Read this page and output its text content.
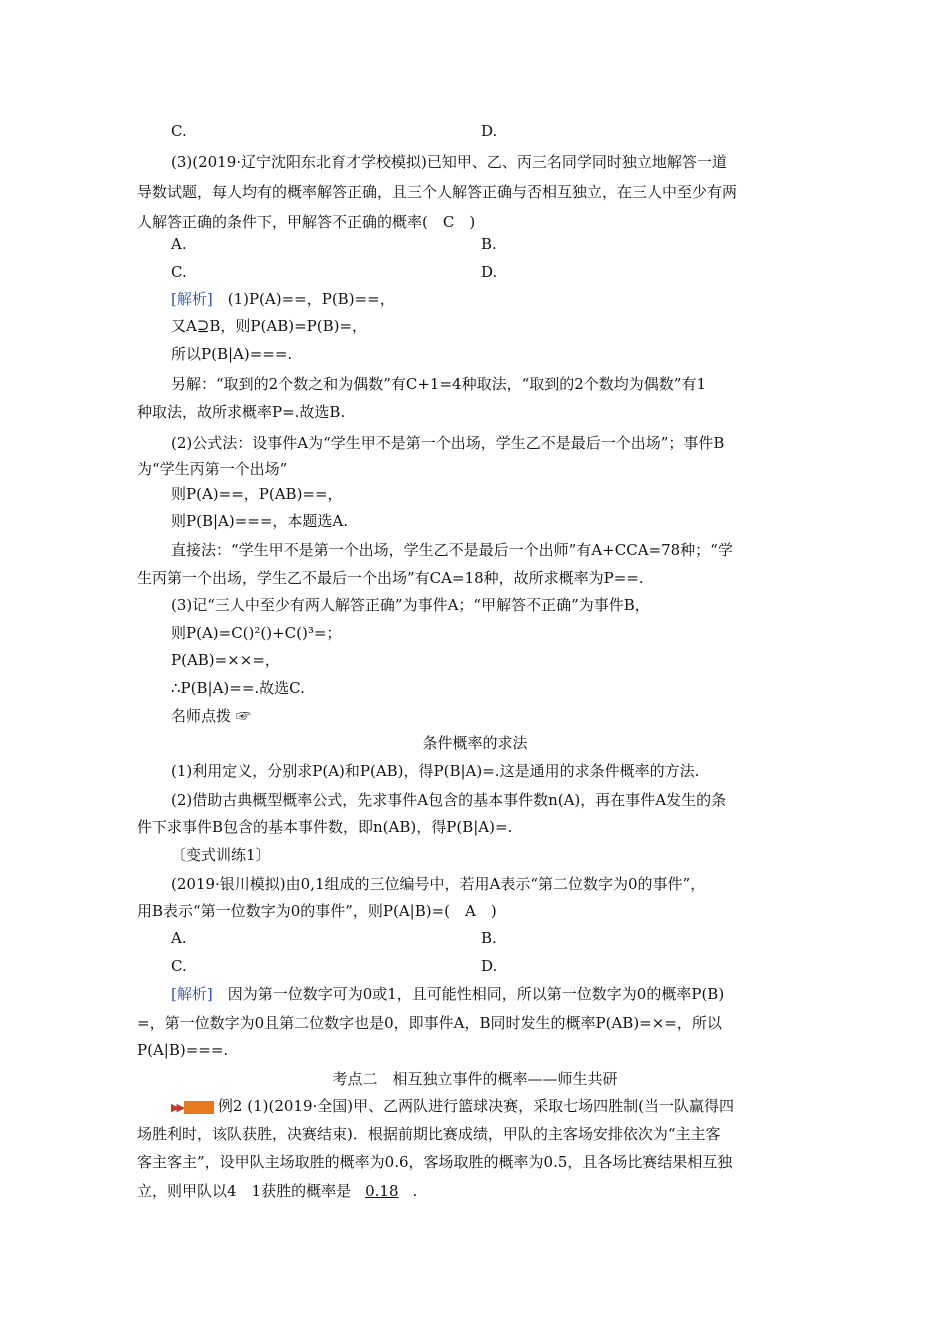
C.	D.
(3)(2019·辽宁沈阳东北育才学校模拟)已知甲、乙、丙三名同学同时独立地解答一道
导数试题，每人均有的概率解答正确，且三个人解答正确与否相互独立，在三人中至少有两
人解答正确的条件下，甲解答不正确的概率(　C　)
A.	B.
C.	D.
[解析]　(1)P(A)==，P(B)==，
又A⊇B，则P(AB)=P(B)=，
所以P(B|A)===.
另解：“取到的2个数之和为偶数”有C+1=4种取法，“取到的2个数均为偶数”有1
种取法，故所求概率P=.故选B.
(2)公式法：设事件A为“学生甲不是第一个出场，学生乙不是最后一个出场”；事件B
为“学生丙第一个出场”
则P(A)==，P(AB)==，
则P(B|A)===，本题选A.
直接法：“学生甲不是第一个出场，学生乙不是最后一个出师”有A+CCA=78种；“学
生丙第一个出场，学生乙不最后一个出场”有CA=18种，故所求概率为P==.
(3)记“三人中至少有两人解答正确”为事件A；“甲解答不正确”为事件B，
则P(A)=C()²()+C()³=；
P(AB)=××=，
∴P(B|A)==.故选C.
名师点拨 ☞
条件概率的求法
(1)利用定义，分别求P(A)和P(AB)，得P(B|A)=.这是通用的求条件概率的方法.
(2)借助古典概型概率公式，先求事件A包含的基本事件数n(A)，再在事件A发生的条
件下求事件B包含的基本事件数，即n(AB)，得P(B|A)=.
〔变式训练1〕
(2019·银川模拟)由0,1组成的三位编号中，若用A表示“第二位数字为0的事件”，
用B表示“第一位数字为0的事件”，则P(A|B)=(　A　)
A.	B.
C.	D.
[解析]　因为第一位数字可为0或1，且可能性相同，所以第一位数字为0的概率P(B)
=，第一位数字为0且第二位数字也是0，即事件A，B同时发生的概率P(AB)=×=，所以
P(A|B)===.
考点二　相互独立事件的概率——师生共研
▶▶ 例2 (1)(2019·全国)甲、乙两队进行篮球决赛，采取七场四胜制(当一队赢得四
场胜利时，该队获胜，决赛结束)．根据前期比赛成绩，甲队的主客场安排依次为“主主客
客主客主”，设甲队主场取胜的概率为0.6，客场取胜的概率为0.5，且各场比赛结果相互独
立，则甲队以4　1获胜的概率是 0.18 .
